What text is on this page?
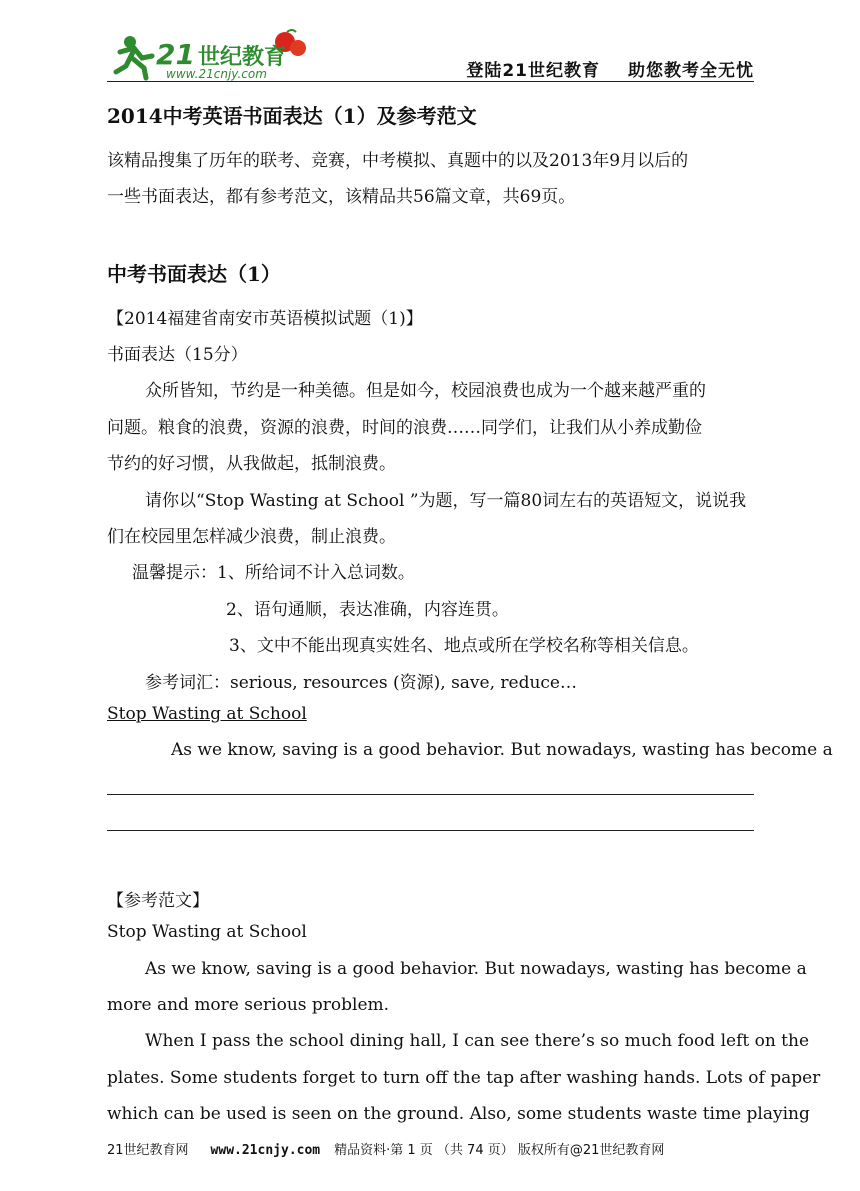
21 世纪教育
www.21cnjy.com	登陆21世纪教育 助您教考全无忧
2014中考英语书面表达（1）及参考范文
该精品搜集了历年的联考、竞赛，中考模拟、真题中的以及2013年9月以后的
一些书面表达，都有参考范文，该精品共56篇文章，共69页。
中考书面表达（1）
【2014福建省南安市英语模拟试题（1)】
书面表达（15分）
众所皆知，节约是一种美德。但是如今，校园浪费也成为一个越来越严重的
问题。粮食的浪费，资源的浪费，时间的浪费……同学们，让我们从小养成勤俭
节约的好习惯，从我做起，抵制浪费。
请你以“Stop Wasting at School ”为题，写一篇80词左右的英语短文，说说我
们在校园里怎样减少浪费，制止浪费。
温馨提示：1、所给词不计入总词数。
2、语句通顺，表达准确，内容连贯。
3、文中不能出现真实姓名、地点或所在学校名称等相关信息。
参考词汇：serious, resources (资源), save, reduce…
Stop Wasting at School
As we know, saving is a good behavior. But nowadays, wasting has become a
【参考范文】
Stop Wasting at School
As we know, saving is a good behavior. But nowadays, wasting has become a
more and more serious problem.
When I pass the school dining hall, I can see there’s so much food left on the
plates. Some students forget to turn off the tap after washing hands. Lots of paper
which can be used is seen on the ground. Also, some students waste time playing
21世纪教育网 www.21cnjy.com 精品资料·第 1 页 （共 74 页） 版权所有@21世纪教育网
